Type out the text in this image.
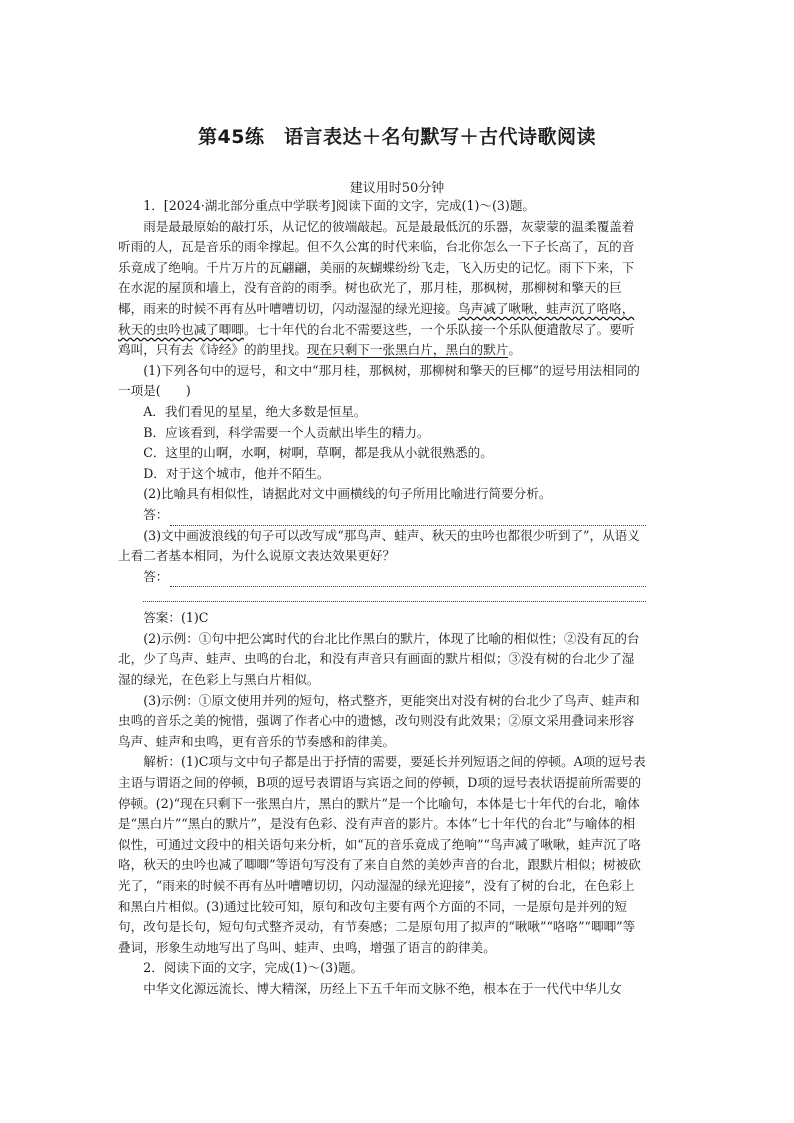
第45练　语言表达＋名句默写＋古代诗歌阅读
建议用时50分钟

1．[2024·湖北部分重点中学联考]阅读下面的文字，完成(1)～(3)题。

雨是最最原始的敲打乐，从记忆的彼端敲起。瓦是最最低沉的乐器，灰蒙蒙的温柔覆盖着听雨的人，瓦是音乐的雨伞撑起。但不久公寓的时代来临，台北你怎么一下子长高了，瓦的音乐竟成了绝响。千片万片的瓦翩翩，美丽的灰蝴蝶纷纷飞走，飞入历史的记忆。雨下下来，下在水泥的屋顶和墙上，没有音韵的雨季。树也砍光了，那月桂，那枫树，那柳树和擎天的巨椰，雨来的时候不再有丛叶嘈嘈切切，闪动湿湿的绿光迎接。鸟声减了啾啾，蛙声沉了咯咯，秋天的虫吟也减了唧唧。七十年代的台北不需要这些，一个乐队接一个乐队便遣散尽了。要听鸡叫，只有去《诗经》的韵里找。现在只剩下一张黑白片，黑白的默片。

(1)下列各句中的逗号，和文中“那月桂，那枫树，那柳树和擎天的巨椰”的逗号用法相同的一项是(　　)

A．我们看见的星星，绝大多数是恒星。

B．应该看到，科学需要一个人贡献出毕生的精力。

C．这里的山啊，水啊，树啊，草啊，都是我从小就很熟悉的。

D．对于这个城市，他并不陌生。

(2)比喻具有相似性，请据此对文中画横线的句子所用比喻进行简要分析。

答：

(3)文中画波浪线的句子可以改写成“那鸟声、蛙声、秋天的虫吟也都很少听到了”，从语义上看二者基本相同，为什么说原文表达效果更好？

答：

答案：(1)C

(2)示例：①句中把公寓时代的台北比作黑白的默片，体现了比喻的相似性；②没有瓦的台北，少了鸟声、蛙声、虫鸣的台北，和没有声音只有画面的默片相似；③没有树的台北少了湿湿的绿光，在色彩上与黑白片相似。

(3)示例：①原文使用并列的短句，格式整齐，更能突出对没有树的台北少了鸟声、蛙声和虫鸣的音乐之美的惋惜，强调了作者心中的遗憾，改句则没有此效果；②原文采用叠词来形容鸟声、蛙声和虫鸣，更有音乐的节奏感和韵律美。

解析：(1)C项与文中句子都是出于抒情的需要，要延长并列短语之间的停顿。A项的逗号表主语与谓语之间的停顿，B项的逗号表谓语与宾语之间的停顿，D项的逗号表状语提前所需要的停顿。(2)“现在只剩下一张黑白片，黑白的默片”是一个比喻句，本体是七十年代的台北，喻体是“黑白片”“黑白的默片”，是没有色彩、没有声音的影片。本体“七十年代的台北”与喻体的相似性，可通过文段中的相关语句来分析，如“瓦的音乐竟成了绝响”“鸟声减了啾啾，蛙声沉了咯咯，秋天的虫吟也减了唧唧”等语句写没有了来自自然的美妙声音的台北，跟默片相似；树被砍光了，“雨来的时候不再有丛叶嘈嘈切切，闪动湿湿的绿光迎接”，没有了树的台北，在色彩上和黑白片相似。(3)通过比较可知，原句和改句主要有两个方面的不同，一是原句是并列的短句，改句是长句，短句句式整齐灵动，有节奏感；二是原句用了拟声的“啾啾”“咯咯”“唧唧”等叠词，形象生动地写出了鸟叫、蛙声、虫鸣，增强了语言的韵律美。

2．阅读下面的文字，完成(1)～(3)题。

中华文化源远流长、博大精深，历经上下五千年而文脉不绝，根本在于一代代中华儿女
